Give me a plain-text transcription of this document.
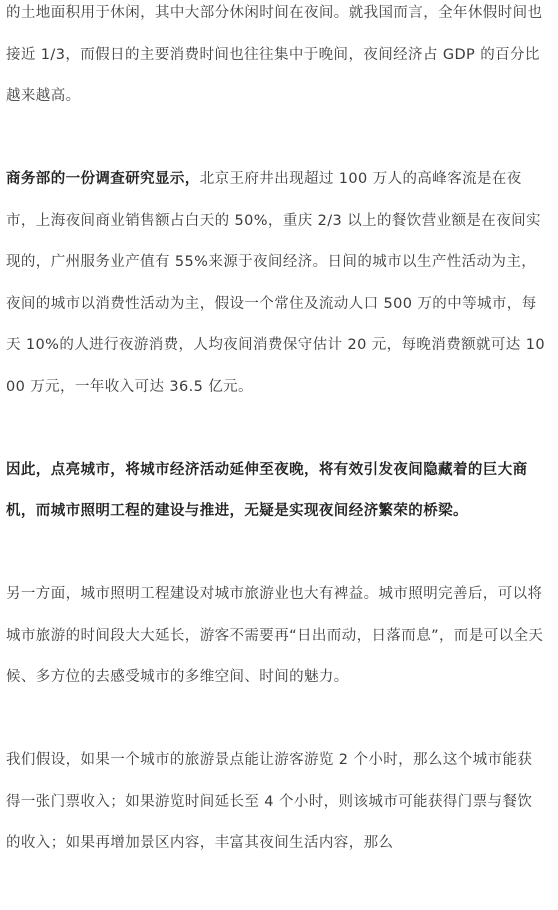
的土地面积用于休闲，其中大部分休闲时间在夜间。就我国而言，全年休假时间也接近 1/3，而假日的主要消费时间也往往集中于晚间，夜间经济占 GDP 的百分比越来越高。

商务部的一份调查研究显示，北京王府井出现超过 100 万人的高峰客流是在夜市，上海夜间商业销售额占白天的 50%，重庆 2/3 以上的餐饮营业额是在夜间实现的，广州服务业产值有 55%来源于夜间经济。日间的城市以生产性活动为主，夜间的城市以消费性活动为主，假设一个常住及流动人口 500 万的中等城市，每天 10%的人进行夜游消费，人均夜间消费保守估计 20 元，每晚消费额就可达 1000 万元，一年收入可达 36.5 亿元。

因此，点亮城市，将城市经济活动延伸至夜晚，将有效引发夜间隐藏着的巨大商机，而城市照明工程的建设与推进，无疑是实现夜间经济繁荣的桥梁。

另一方面，城市照明工程建设对城市旅游业也大有裨益。城市照明完善后，可以将城市旅游的时间段大大延长，游客不需要再“日出而动，日落而息”，而是可以全天候、多方位的去感受城市的多维空间、时间的魅力。

我们假设，如果一个城市的旅游景点能让游客游览 2 个小时，那么这个城市能获得一张门票收入；如果游览时间延长至 4 个小时，则该城市可能获得门票与餐饮的收入；如果再增加景区内容，丰富其夜间生活内容，那么
